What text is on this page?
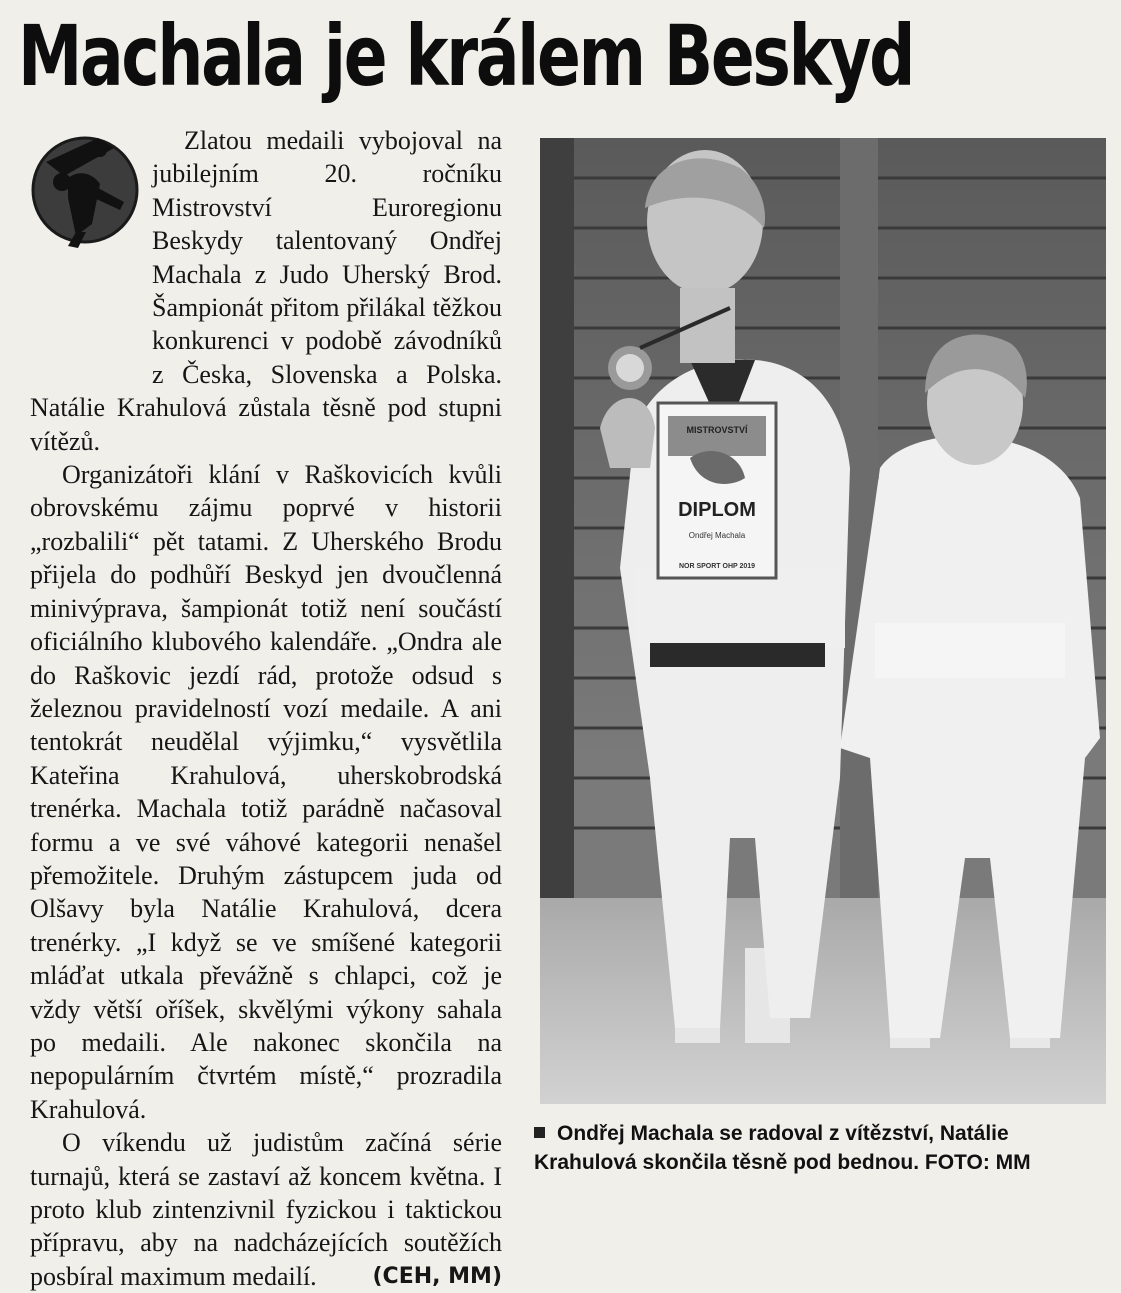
Machala je králem Beskyd

Zlatou medaili vybojoval na jubilejním 20. ročníku Mistrovství Euroregionu Beskydy talentovaný Ondřej Machala z Judo Uherský Brod. Šampionát přitom přilákal těžkou konkurenci v podobě závodníků z Česka, Slovenska a Polska. Natálie Krahulová zůstala těsně pod stupni vítězů.

Organizátoři klání v Raškovicích kvůli obrovskému zájmu poprvé v historii „rozbalili“ pět tatami. Z Uherského Brodu přijela do podhůří Beskyd jen dvoučlenná minivýprava, šampionát totiž není součástí oficiálního klubového kalendáře. „Ondra ale do Raškovic jezdí rád, protože odsud s železnou pravidelností vozí medaile. A ani tentokrát neudělal výjimku,“ vysvětlila Kateřina Krahulová, uherskobrodská trenérka. Machala totiž parádně načasoval formu a ve své váhové kategorii nenašel přemožitele. Druhým zástupcem juda od Olšavy byla Natálie Krahulová, dcera trenérky. „I když se ve smíšené kategorii mláďat utkala převážně s chlapci, což je vždy větší oříšek, skvělými výkony sahala po medaili. Ale nakonec skončila na nepopulárním čtvrtém místě,“ prozradila Krahulová.

O víkendu už judistům začíná série turnajů, která se zastaví až koncem května. I proto klub zintenzivnil fyzickou i taktickou přípravu, aby na nadcházejících soutěžích posbíral maximum medailí.	(CEH, MM)

MISTROVSTVÍ
DIPLOM
Ondřej Machala
NOR SPORT OHP 2019
Ondřej Machala se radoval z vítězství, Natálie
Krahulová skončila těsně pod bednou. FOTO: MM
